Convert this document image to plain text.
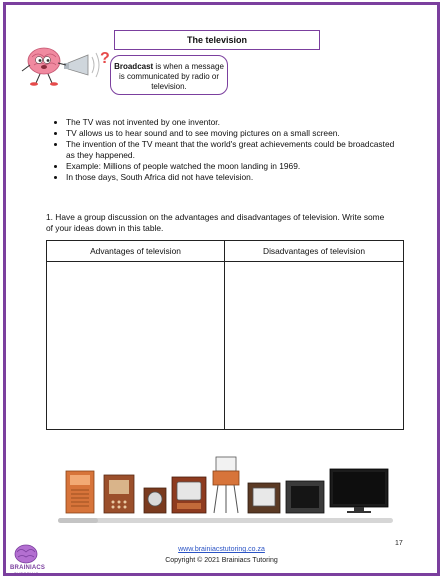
The television
? Broadcast is when a message is communicated by radio or television.
• The TV was not invented by one inventor.
• TV allows us to hear sound and to see moving pictures on a small screen.
• The invention of the TV meant that the world's great achievements could be broadcasted as they happened.
• Example: Millions of people watched the moon landing in 1969.
• In those days, South Africa did not have television.

1. Have a group discussion on the advantages and disadvantages of television. Write some of your ideas down in this table.

Advantages of television	Disadvantages of television
17
BRAINIACS
TUTORING
www.brainiacstutoring.co.za
Copyright © 2021 Brainiacs Tutoring
